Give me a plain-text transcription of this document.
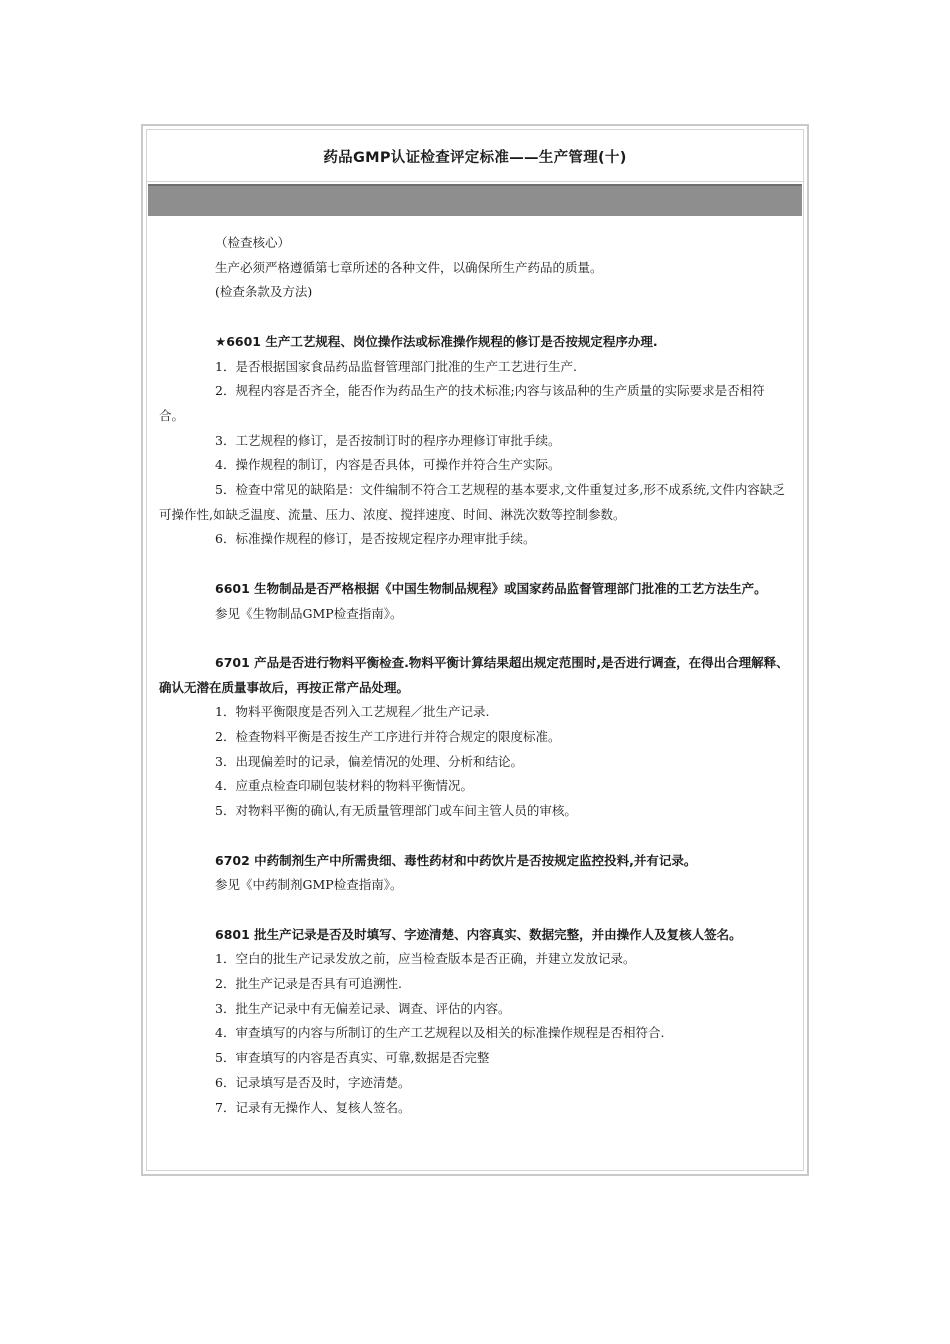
药品GMP认证检查评定标准——生产管理(十)

（检查核心）

生产必须严格遵循第七章所述的各种文件，以确保所生产药品的质量。

(检查条款及方法)

★6601 生产工艺规程、岗位操作法或标准操作规程的修订是否按规定程序办理.

1．是否根据国家食品药品监督管理部门批准的生产工艺进行生产.

2．规程内容是否齐全，能否作为药品生产的技术标准;内容与该品种的生产质量的实际要求是否相符合。

3．工艺规程的修订，是否按制订时的程序办理修订审批手续。

4．操作规程的制订，内容是否具体，可操作并符合生产实际。

5．检查中常见的缺陷是：文件编制不符合工艺规程的基本要求,文件重复过多,形不成系统,文件内容缺乏可操作性,如缺乏温度、流量、压力、浓度、搅拌速度、时间、淋洗次数等控制参数。

6．标准操作规程的修订，是否按规定程序办理审批手续。

6601 生物制品是否严格根据《中国生物制品规程》或国家药品监督管理部门批准的工艺方法生产。

参见《生物制品GMP检查指南》。

6701 产品是否进行物料平衡检查.物料平衡计算结果超出规定范围时,是否进行调查，在得出合理解释、确认无潜在质量事故后，再按正常产品处理。

1．物料平衡限度是否列入工艺规程／批生产记录.

2．检查物料平衡是否按生产工序进行并符合规定的限度标准。

3．出现偏差时的记录，偏差情况的处理、分析和结论。

4．应重点检查印刷包装材料的物料平衡情况。

5．对物料平衡的确认,有无质量管理部门或车间主管人员的审核。

6702 中药制剂生产中所需贵细、毒性药材和中药饮片是否按规定监控投料,并有记录。

参见《中药制剂GMP检查指南》。

6801 批生产记录是否及时填写、字迹清楚、内容真实、数据完整，并由操作人及复核人签名。

1．空白的批生产记录发放之前，应当检查版本是否正确，并建立发放记录。

2．批生产记录是否具有可追溯性.

3．批生产记录中有无偏差记录、调查、评估的内容。

4．审查填写的内容与所制订的生产工艺规程以及相关的标准操作规程是否相符合.

5．审查填写的内容是否真实、可靠,数据是否完整

6．记录填写是否及时，字迹清楚。

7．记录有无操作人、复核人签名。
